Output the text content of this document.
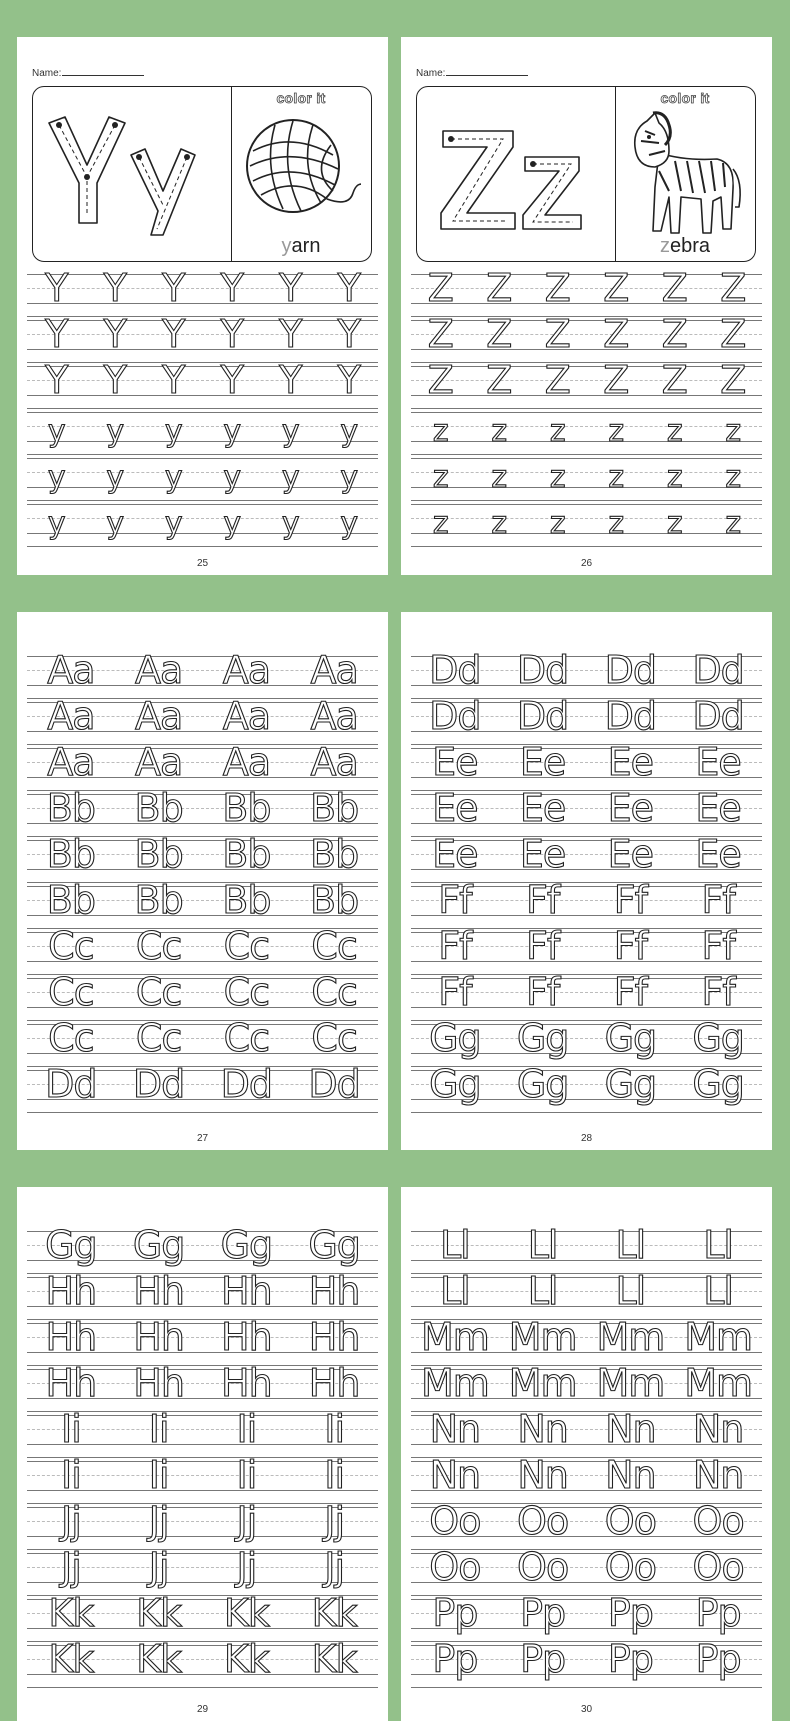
Name:
color it
yarn
Y Y Y Y Y Y
Y Y Y Y Y Y
Y Y Y Y Y Y
y y y y y y
y y y y y y
y y y y y y
25
Name:
color it
zebra
Z Z Z Z Z Z
Z Z Z Z Z Z
Z Z Z Z Z Z
z z z z z z
z z z z z z
z z z z z z
26
Aa Aa Aa Aa
Aa Aa Aa Aa
Aa Aa Aa Aa
Bb Bb Bb Bb
Bb Bb Bb Bb
Bb Bb Bb Bb
Cc Cc Cc Cc
Cc Cc Cc Cc
Cc Cc Cc Cc
Dd Dd Dd Dd
27
Dd Dd Dd Dd
Dd Dd Dd Dd
Ee Ee Ee Ee
Ee Ee Ee Ee
Ee Ee Ee Ee
Ff Ff Ff Ff
Ff Ff Ff Ff
Ff Ff Ff Ff
Gg Gg Gg Gg
Gg Gg Gg Gg
28
Gg Gg Gg Gg
Hh Hh Hh Hh
Hh Hh Hh Hh
Hh Hh Hh Hh
Ii Ii Ii Ii
Ii Ii Ii Ii
Jj Jj Jj Jj
Jj Jj Jj Jj
Kk Kk Kk Kk
Kk Kk Kk Kk
29
Ll Ll Ll Ll
Ll Ll Ll Ll
Mm Mm Mm Mm
Mm Mm Mm Mm
Nn Nn Nn Nn
Nn Nn Nn Nn
Oo Oo Oo Oo
Oo Oo Oo Oo
Pp Pp Pp Pp
Pp Pp Pp Pp
30
